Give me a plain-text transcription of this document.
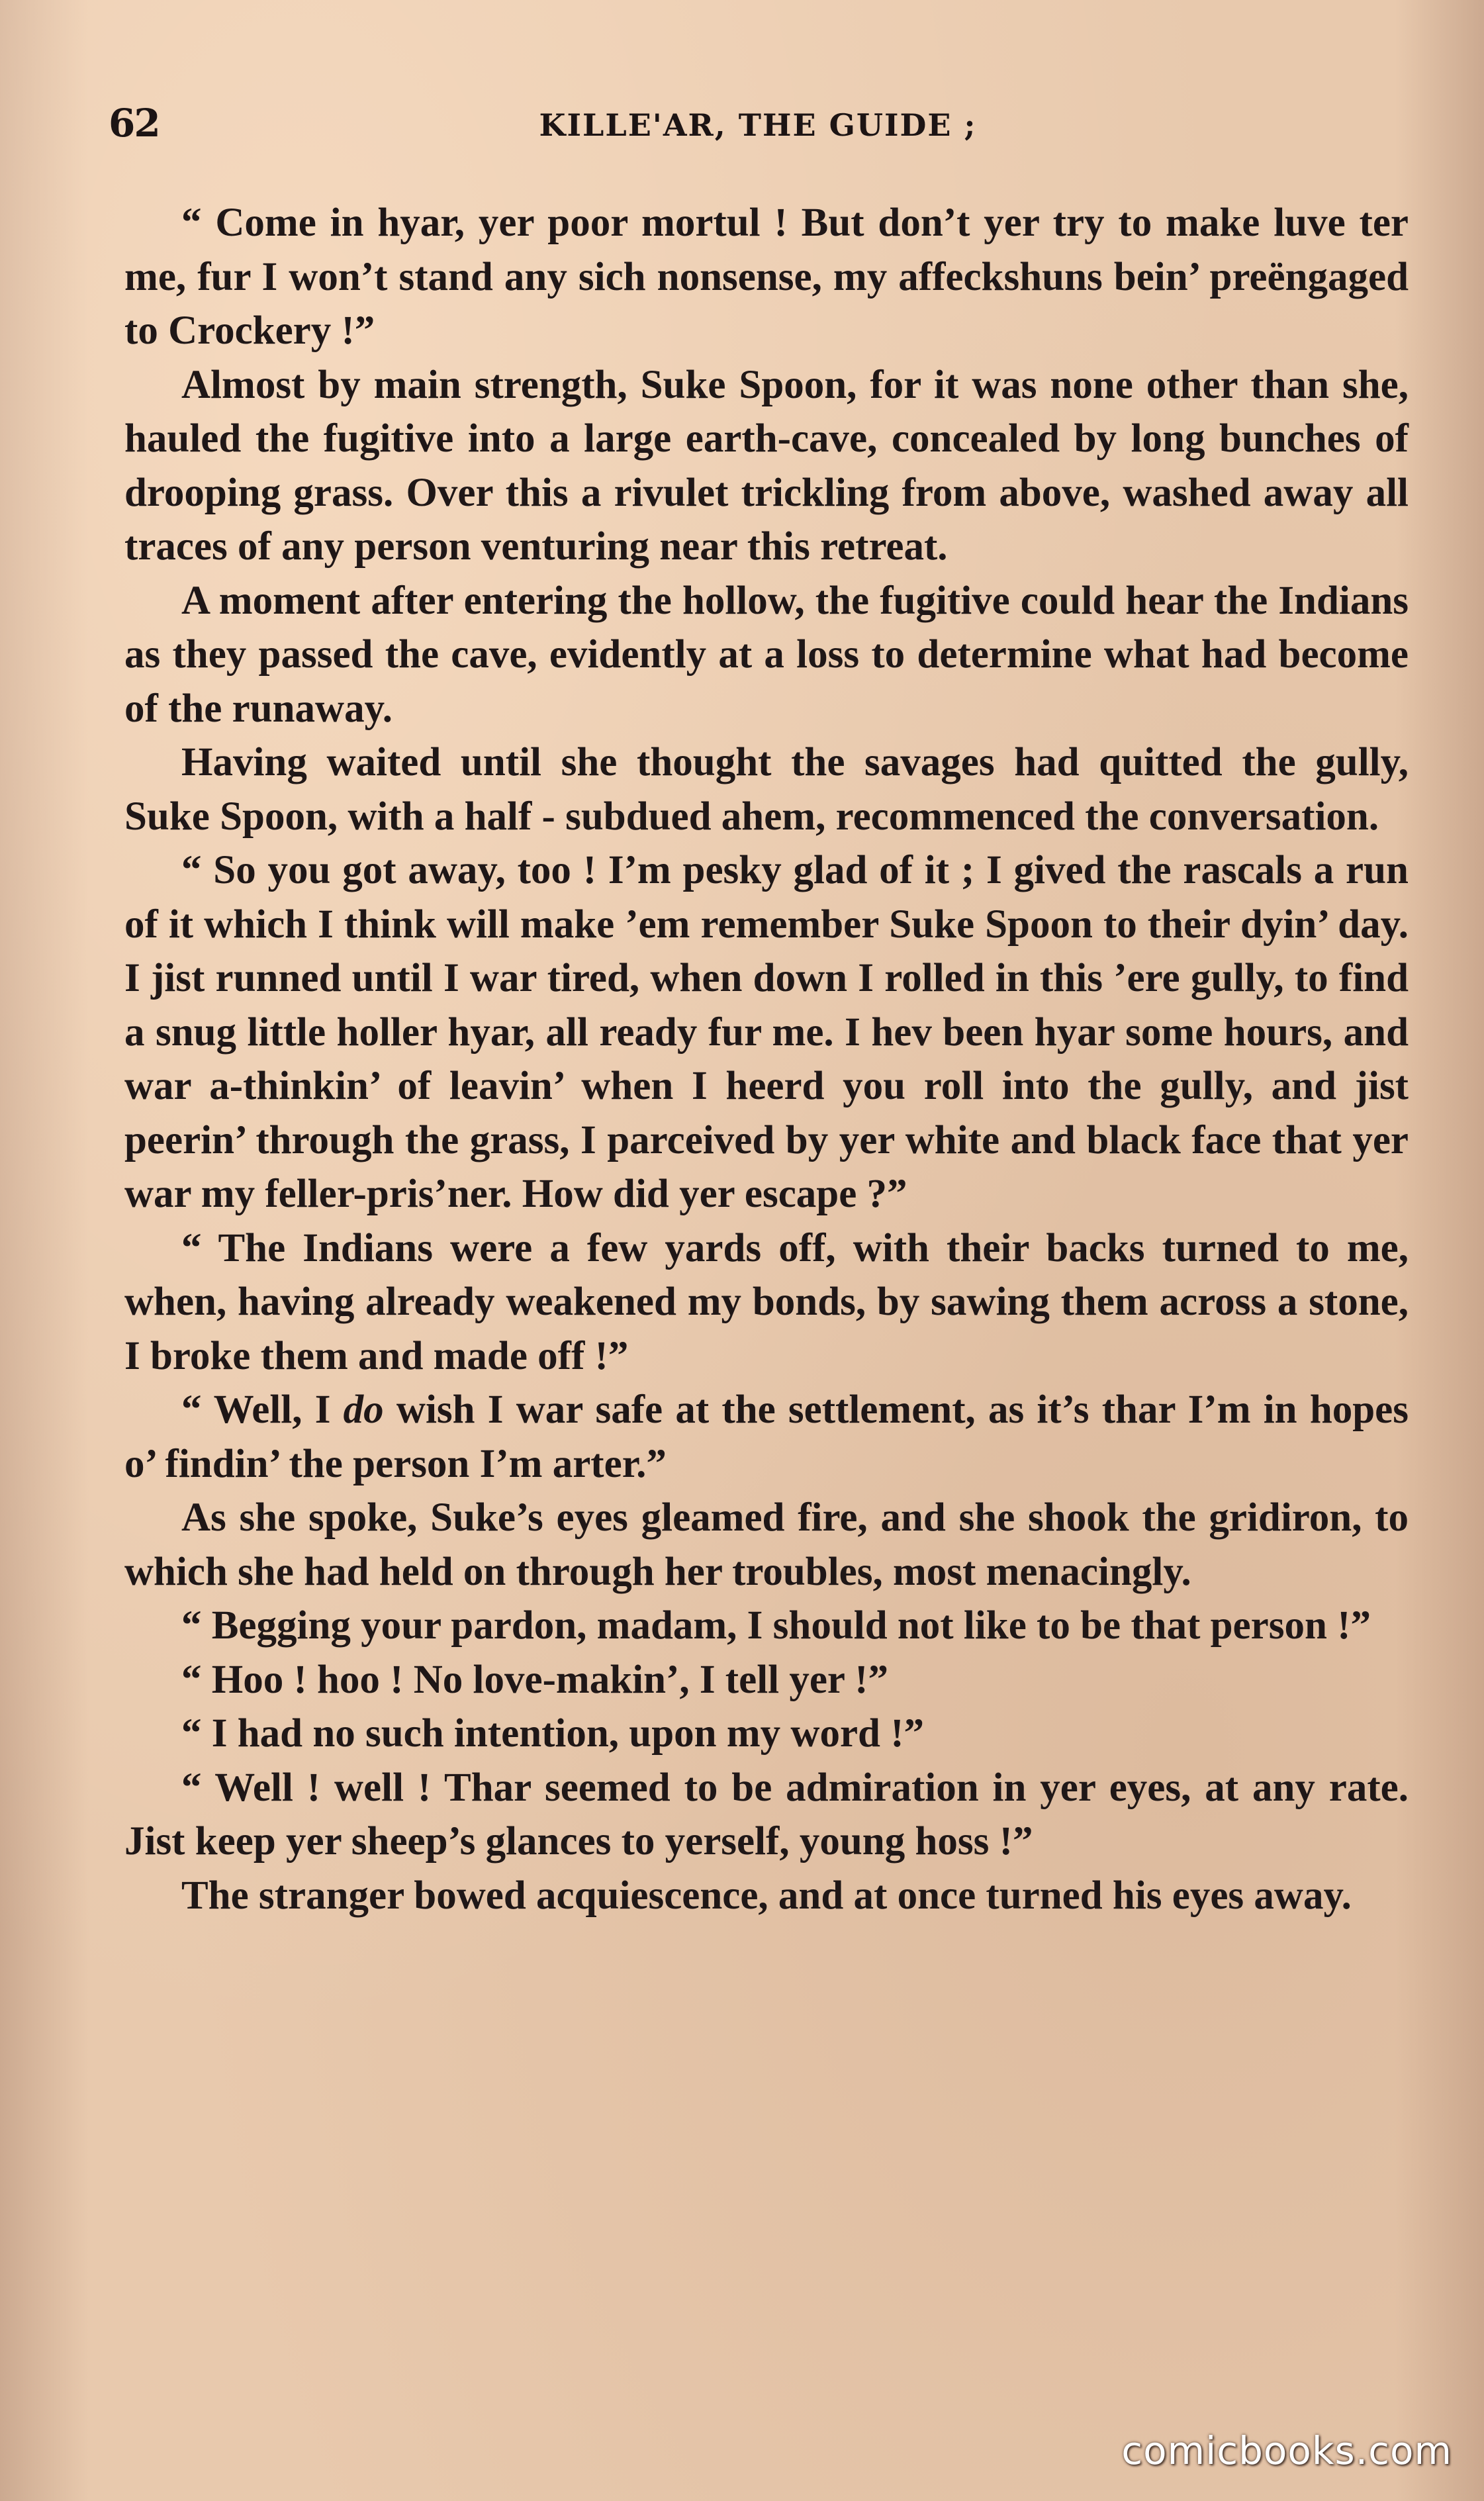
62	KILLE'AR, THE GUIDE ;

“ Come in hyar, yer poor mortul ! But don’t yer try to make luve ter me, fur I won’t stand any sich nonsense, my affeckshuns bein’ preëngaged to Crockery !”

Almost by main strength, Suke Spoon, for it was none other than she, hauled the fugitive into a large earth-cave, concealed by long bunches of drooping grass. Over this a rivulet trickling from above, washed away all traces of any person venturing near this retreat.

A moment after entering the hollow, the fugitive could hear the Indians as they passed the cave, evidently at a loss to determine what had become of the runaway.

Having waited until she thought the savages had quitted the gully, Suke Spoon, with a half - subdued ahem, recommenced the conversation.

“ So you got away, too ! I’m pesky glad of it ; I gived the rascals a run of it which I think will make ’em remember Suke Spoon to their dyin’ day. I jist runned until I war tired, when down I rolled in this ’ere gully, to find a snug little holler hyar, all ready fur me. I hev been hyar some hours, and war a-thinkin’ of leavin’ when I heerd you roll into the gully, and jist peerin’ through the grass, I parceived by yer white and black face that yer war my feller-pris’ner. How did yer escape ?”

“ The Indians were a few yards off, with their backs turned to me, when, having already weakened my bonds, by sawing them across a stone, I broke them and made off !”

“ Well, I do wish I war safe at the settlement, as it’s thar I’m in hopes o’ findin’ the person I’m arter.”

As she spoke, Suke’s eyes gleamed fire, and she shook the gridiron, to which she had held on through her troubles, most menacingly.

“ Begging your pardon, madam, I should not like to be that person !”

“ Hoo ! hoo ! No love-makin’, I tell yer !”

“ I had no such intention, upon my word !”

“ Well ! well ! Thar seemed to be admiration in yer eyes, at any rate. Jist keep yer sheep’s glances to yerself, young hoss !”

The stranger bowed acquiescence, and at once turned his eyes away.

comicbooks.com
